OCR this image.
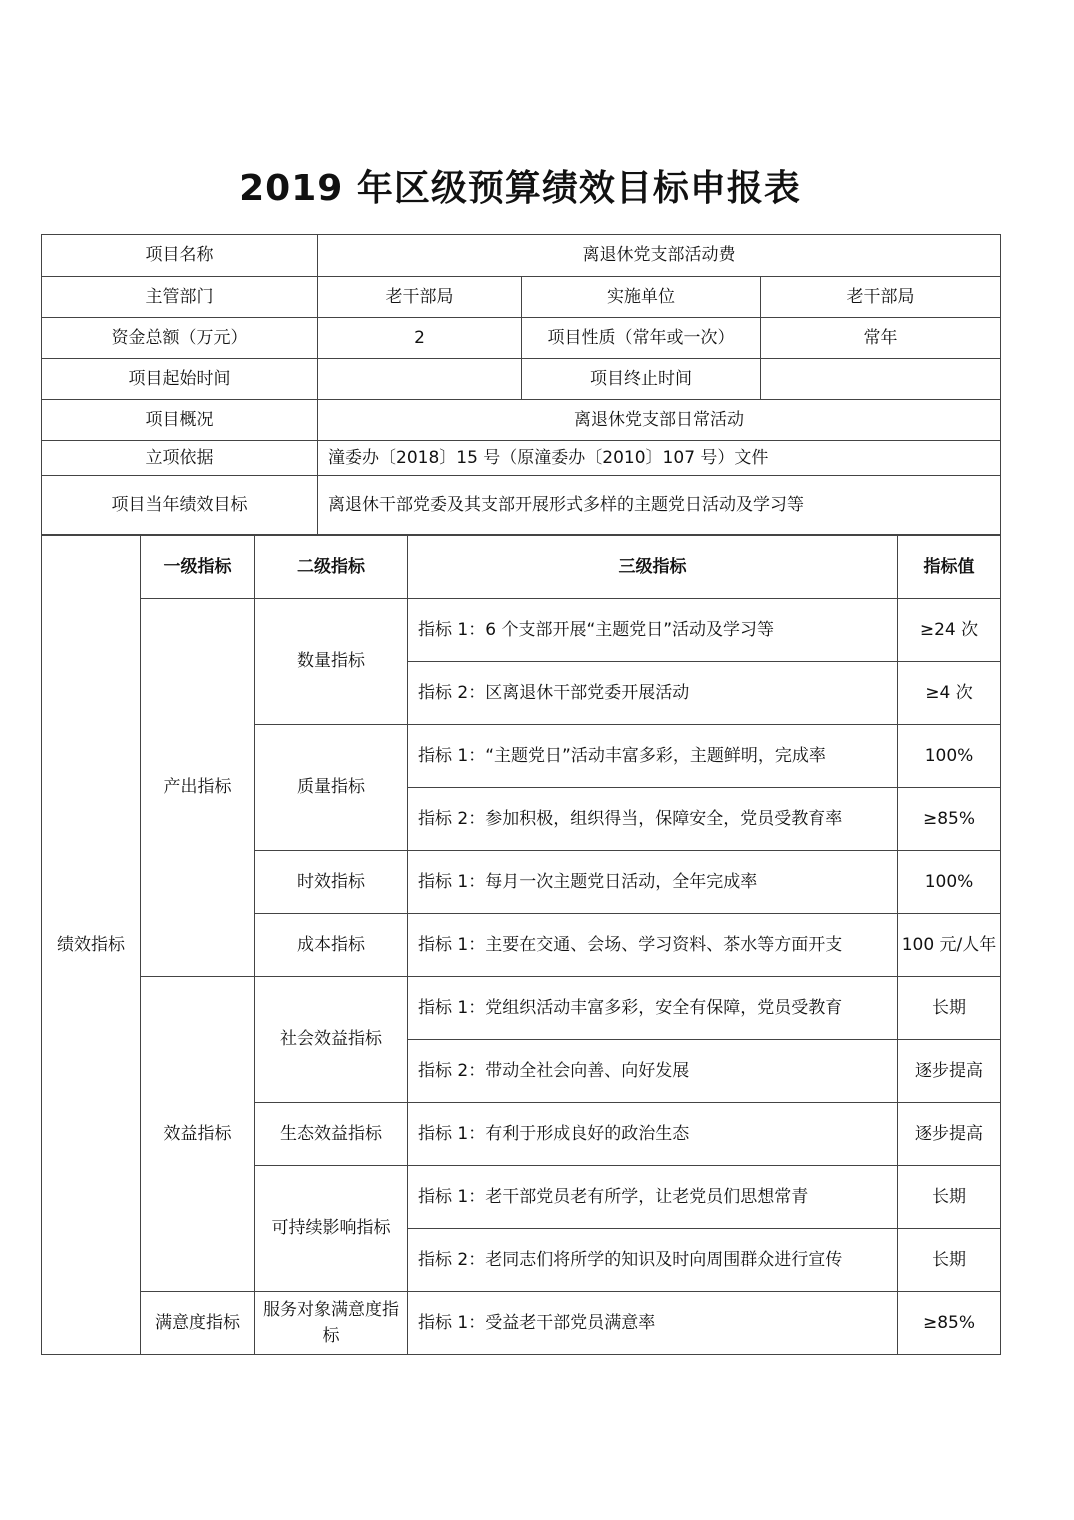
2019 年区级预算绩效目标申报表
项目名称	离退休党支部活动费		
主管部门	老干部局	实施单位	老干部局
资金总额（万元）	2	项目性质（常年或一次）	常年
项目起始时间		项目终止时间	
项目概况	离退休党支部日常活动		
立项依据	潼委办〔2018〕15 号（原潼委办〔2010〕107 号）文件		
项目当年绩效目标	离退休干部党委及其支部开展形式多样的主题党日活动及学习等		
绩效指标	一级指标	二级指标	三级指标	指标值
	产出指标	数量指标	指标 1：6 个支部开展“主题党日”活动及学习等	≥24 次
			指标 2：区离退休干部党委开展活动	≥4 次
		质量指标	指标 1：“主题党日”活动丰富多彩，主题鲜明，完成率	100%
			指标 2：参加积极，组织得当，保障安全，党员受教育率	≥85%
		时效指标	指标 1：每月一次主题党日活动，全年完成率	100%
		成本指标	指标 1：主要在交通、会场、学习资料、茶水等方面开支	100 元/人年
	效益指标	社会效益指标	指标 1：党组织活动丰富多彩，安全有保障，党员受教育	长期
			指标 2：带动全社会向善、向好发展	逐步提高
		生态效益指标	指标 1：有利于形成良好的政治生态	逐步提高
		可持续影响指标	指标 1：老干部党员老有所学，让老党员们思想常青	长期
			指标 2：老同志们将所学的知识及时向周围群众进行宣传	长期
	满意度指标	服务对象满意度指标	指标 1：受益老干部党员满意率	≥85%
